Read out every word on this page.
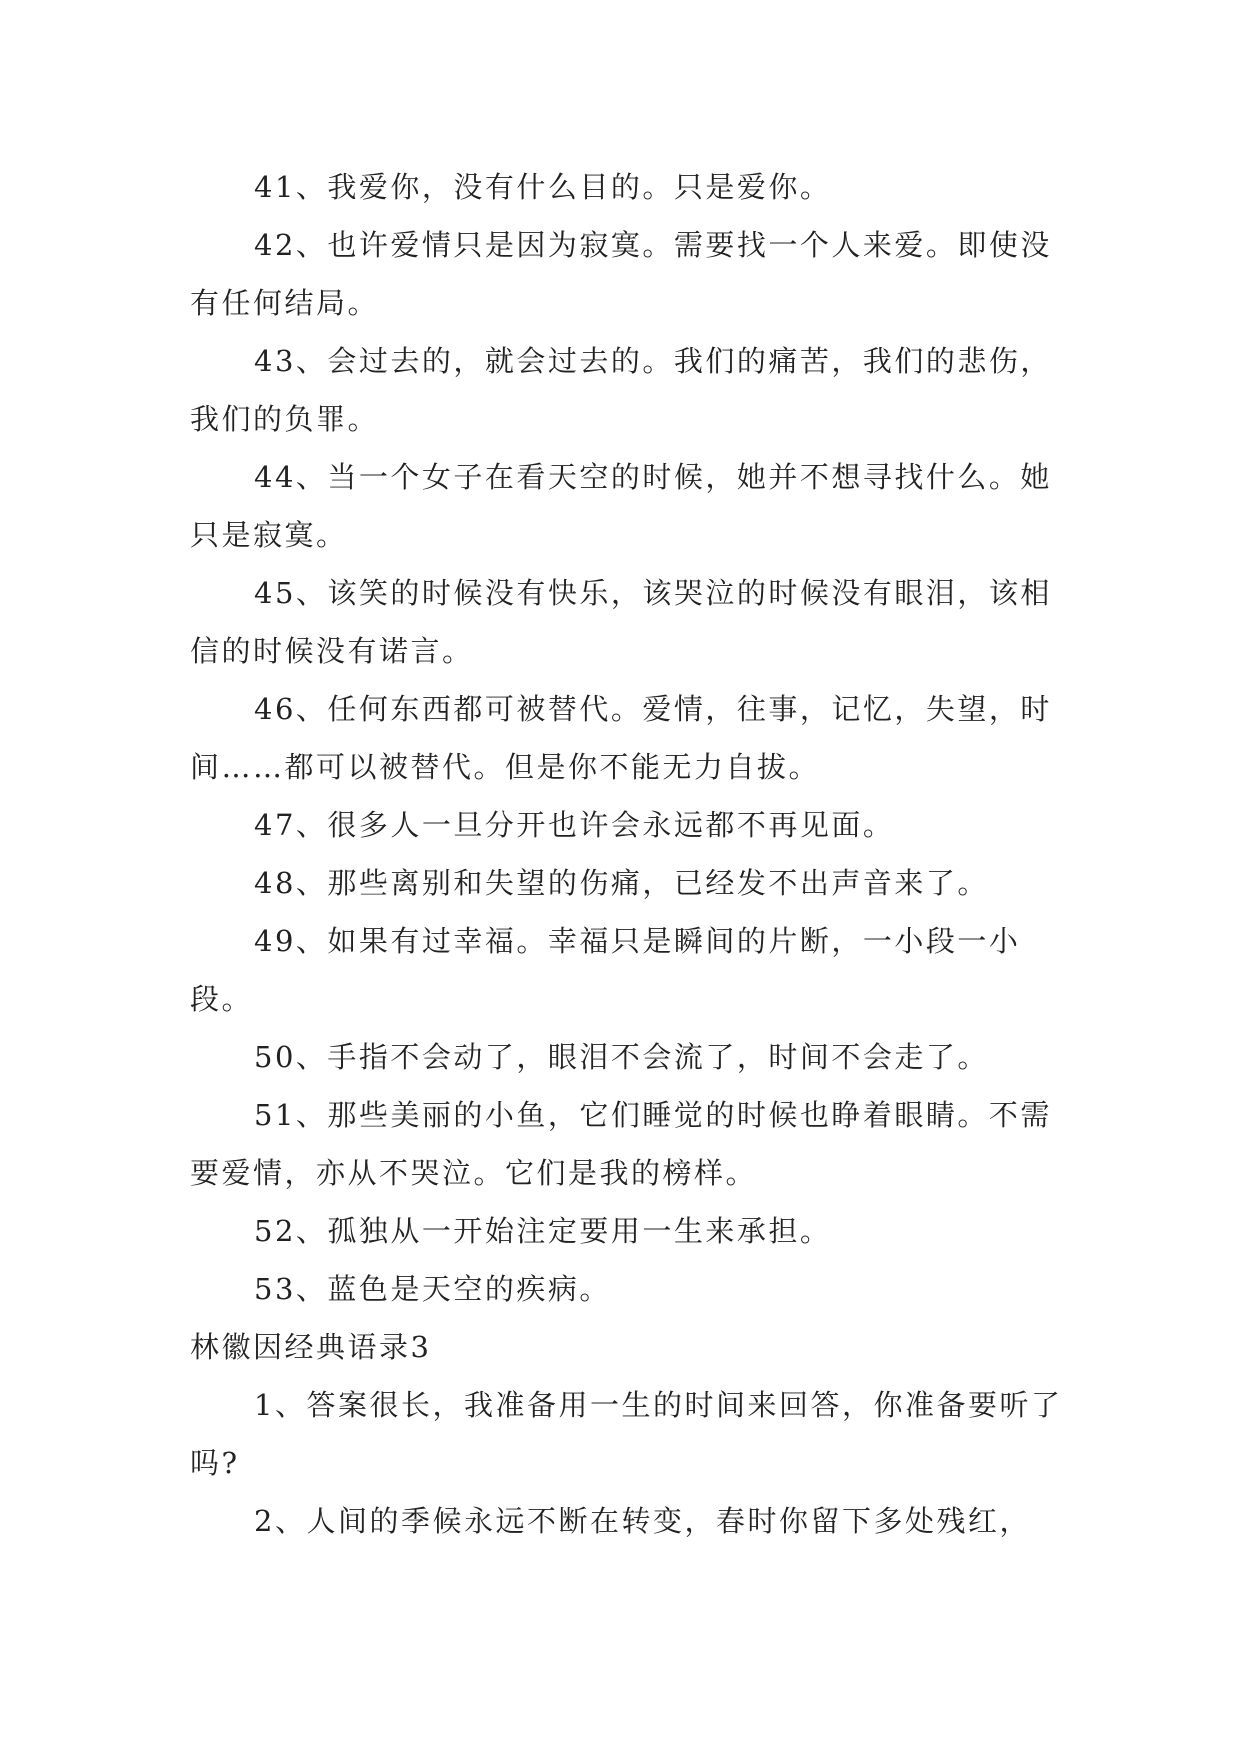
41、我爱你，没有什么目的。只是爱你。

42、也许爱情只是因为寂寞。需要找一个人来爱。即使没有任何结局。

43、会过去的，就会过去的。我们的痛苦，我们的悲伤，我们的负罪。

44、当一个女子在看天空的时候，她并不想寻找什么。她只是寂寞。

45、该笑的时候没有快乐，该哭泣的时候没有眼泪，该相信的时候没有诺言。

46、任何东西都可被替代。爱情，往事，记忆，失望，时间……都可以被替代。但是你不能无力自拔。

47、很多人一旦分开也许会永远都不再见面。

48、那些离别和失望的伤痛，已经发不出声音来了。

49、如果有过幸福。幸福只是瞬间的片断，一小段一小段。

50、手指不会动了，眼泪不会流了，时间不会走了。

51、那些美丽的小鱼，它们睡觉的时候也睁着眼睛。不需要爱情，亦从不哭泣。它们是我的榜样。

52、孤独从一开始注定要用一生来承担。

53、蓝色是天空的疾病。

林徽因经典语录3

1、答案很长，我准备用一生的时间来回答，你准备要听了吗?

2、人间的季候永远不断在转变，春时你留下多处残红，
